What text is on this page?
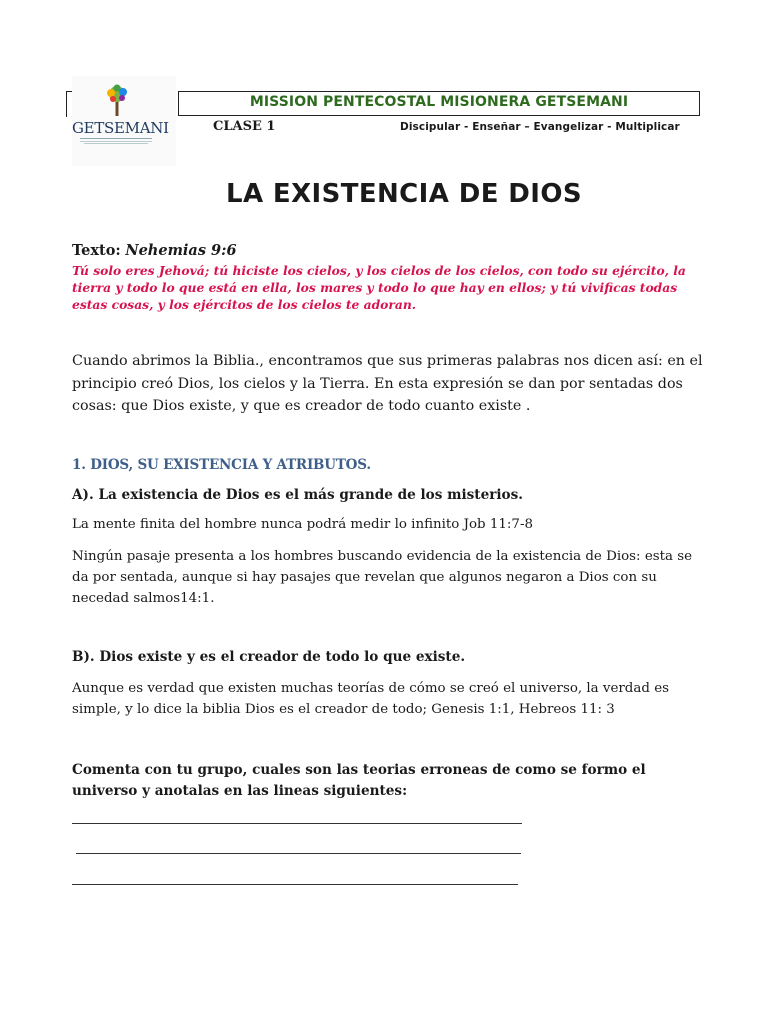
GETSEMANI
MISSION PENTECOSTAL MISIONERA GETSEMANI
CLASE 1	Discipular - Enseñar – Evangelizar - Multiplicar
LA EXISTENCIA DE DIOS
Texto: Nehemias 9:6
Tú solo eres Jehová; tú hiciste los cielos, y los cielos de los cielos, con todo su ejército, la tierra y todo lo que está en ella, los mares y todo lo que hay en ellos; y tú vivificas todas estas cosas, y los ejércitos de los cielos te adoran.
Cuando abrimos la Biblia., encontramos que sus primeras palabras nos dicen así: en el principio creó Dios, los cielos y la Tierra. En esta expresión se dan por sentadas dos cosas: que Dios existe, y que es creador de todo cuanto existe .
1. DIOS, SU EXISTENCIA Y ATRIBUTOS.
A). La existencia de Dios es el más grande de los misterios.
La mente finita del hombre nunca podrá medir lo infinito Job 11:7-8
Ningún pasaje presenta a los hombres buscando evidencia de la existencia de Dios: esta se da por sentada, aunque si hay pasajes que revelan que algunos negaron a Dios con su necedad salmos14:1.
B). Dios existe y es el creador de todo lo que existe.
Aunque es verdad que existen muchas teorías de cómo se creó el universo, la verdad es simple, y lo dice la biblia Dios es el creador de todo; Genesis 1:1, Hebreos 11: 3
Comenta con tu grupo, cuales son las teorias erroneas de como se formo el universo y anotalas en las lineas siguientes:
